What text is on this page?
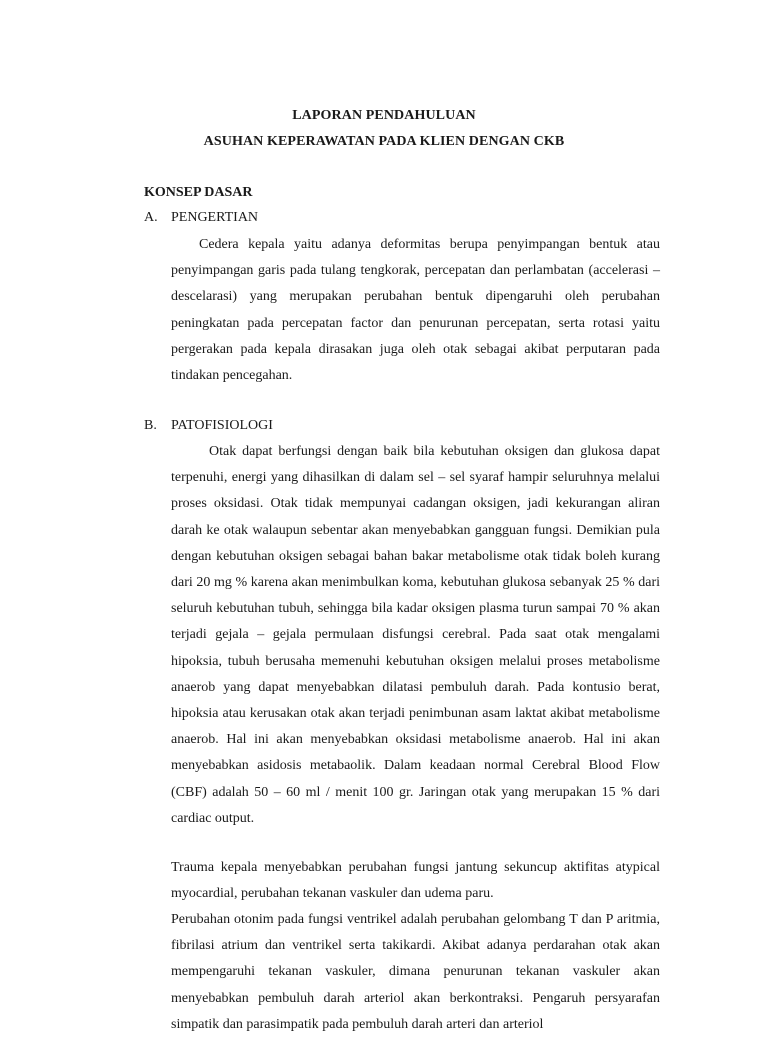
LAPORAN PENDAHULUAN
ASUHAN KEPERAWATAN PADA KLIEN DENGAN CKB
KONSEP DASAR
A. PENGERTIAN

Cedera kepala yaitu adanya deformitas berupa penyimpangan bentuk atau penyimpangan garis pada tulang tengkorak, percepatan dan perlambatan (accelerasi – descelarasi) yang merupakan perubahan bentuk dipengaruhi oleh perubahan peningkatan pada percepatan factor dan penurunan percepatan, serta rotasi yaitu pergerakan pada kepala dirasakan juga oleh otak sebagai akibat perputaran pada tindakan pencegahan.

B. PATOFISIOLOGI

Otak dapat berfungsi dengan baik bila kebutuhan oksigen dan glukosa dapat terpenuhi, energi yang dihasilkan di dalam sel – sel syaraf hampir seluruhnya melalui proses oksidasi. Otak tidak mempunyai cadangan oksigen, jadi kekurangan aliran darah ke otak walaupun sebentar akan menyebabkan gangguan fungsi. Demikian pula dengan kebutuhan oksigen sebagai bahan bakar metabolisme otak tidak boleh kurang dari 20 mg % karena akan menimbulkan koma, kebutuhan glukosa sebanyak 25 % dari seluruh kebutuhan tubuh, sehingga bila kadar oksigen plasma turun sampai 70 % akan terjadi gejala – gejala permulaan disfungsi cerebral. Pada saat otak mengalami hipoksia, tubuh berusaha memenuhi kebutuhan oksigen melalui proses metabolisme anaerob yang dapat menyebabkan dilatasi pembuluh darah. Pada kontusio berat, hipoksia atau kerusakan otak akan terjadi penimbunan asam laktat akibat metabolisme anaerob. Hal ini akan menyebabkan oksidasi metabolisme anaerob. Hal ini akan menyebabkan asidosis metabaolik. Dalam keadaan normal Cerebral Blood Flow (CBF) adalah 50 – 60 ml / menit 100 gr. Jaringan otak yang merupakan 15 % dari cardiac output.

Trauma kepala menyebabkan perubahan fungsi jantung sekuncup aktifitas atypical myocardial, perubahan tekanan vaskuler dan udema paru.

Perubahan otonim pada fungsi ventrikel adalah perubahan gelombang T dan P aritmia, fibrilasi atrium dan ventrikel serta takikardi. Akibat adanya perdarahan otak akan mempengaruhi tekanan vaskuler, dimana penurunan tekanan vaskuler akan menyebabkan pembuluh darah arteriol akan berkontraksi. Pengaruh persyarafan simpatik dan parasimpatik pada pembuluh darah arteri dan arteriol
